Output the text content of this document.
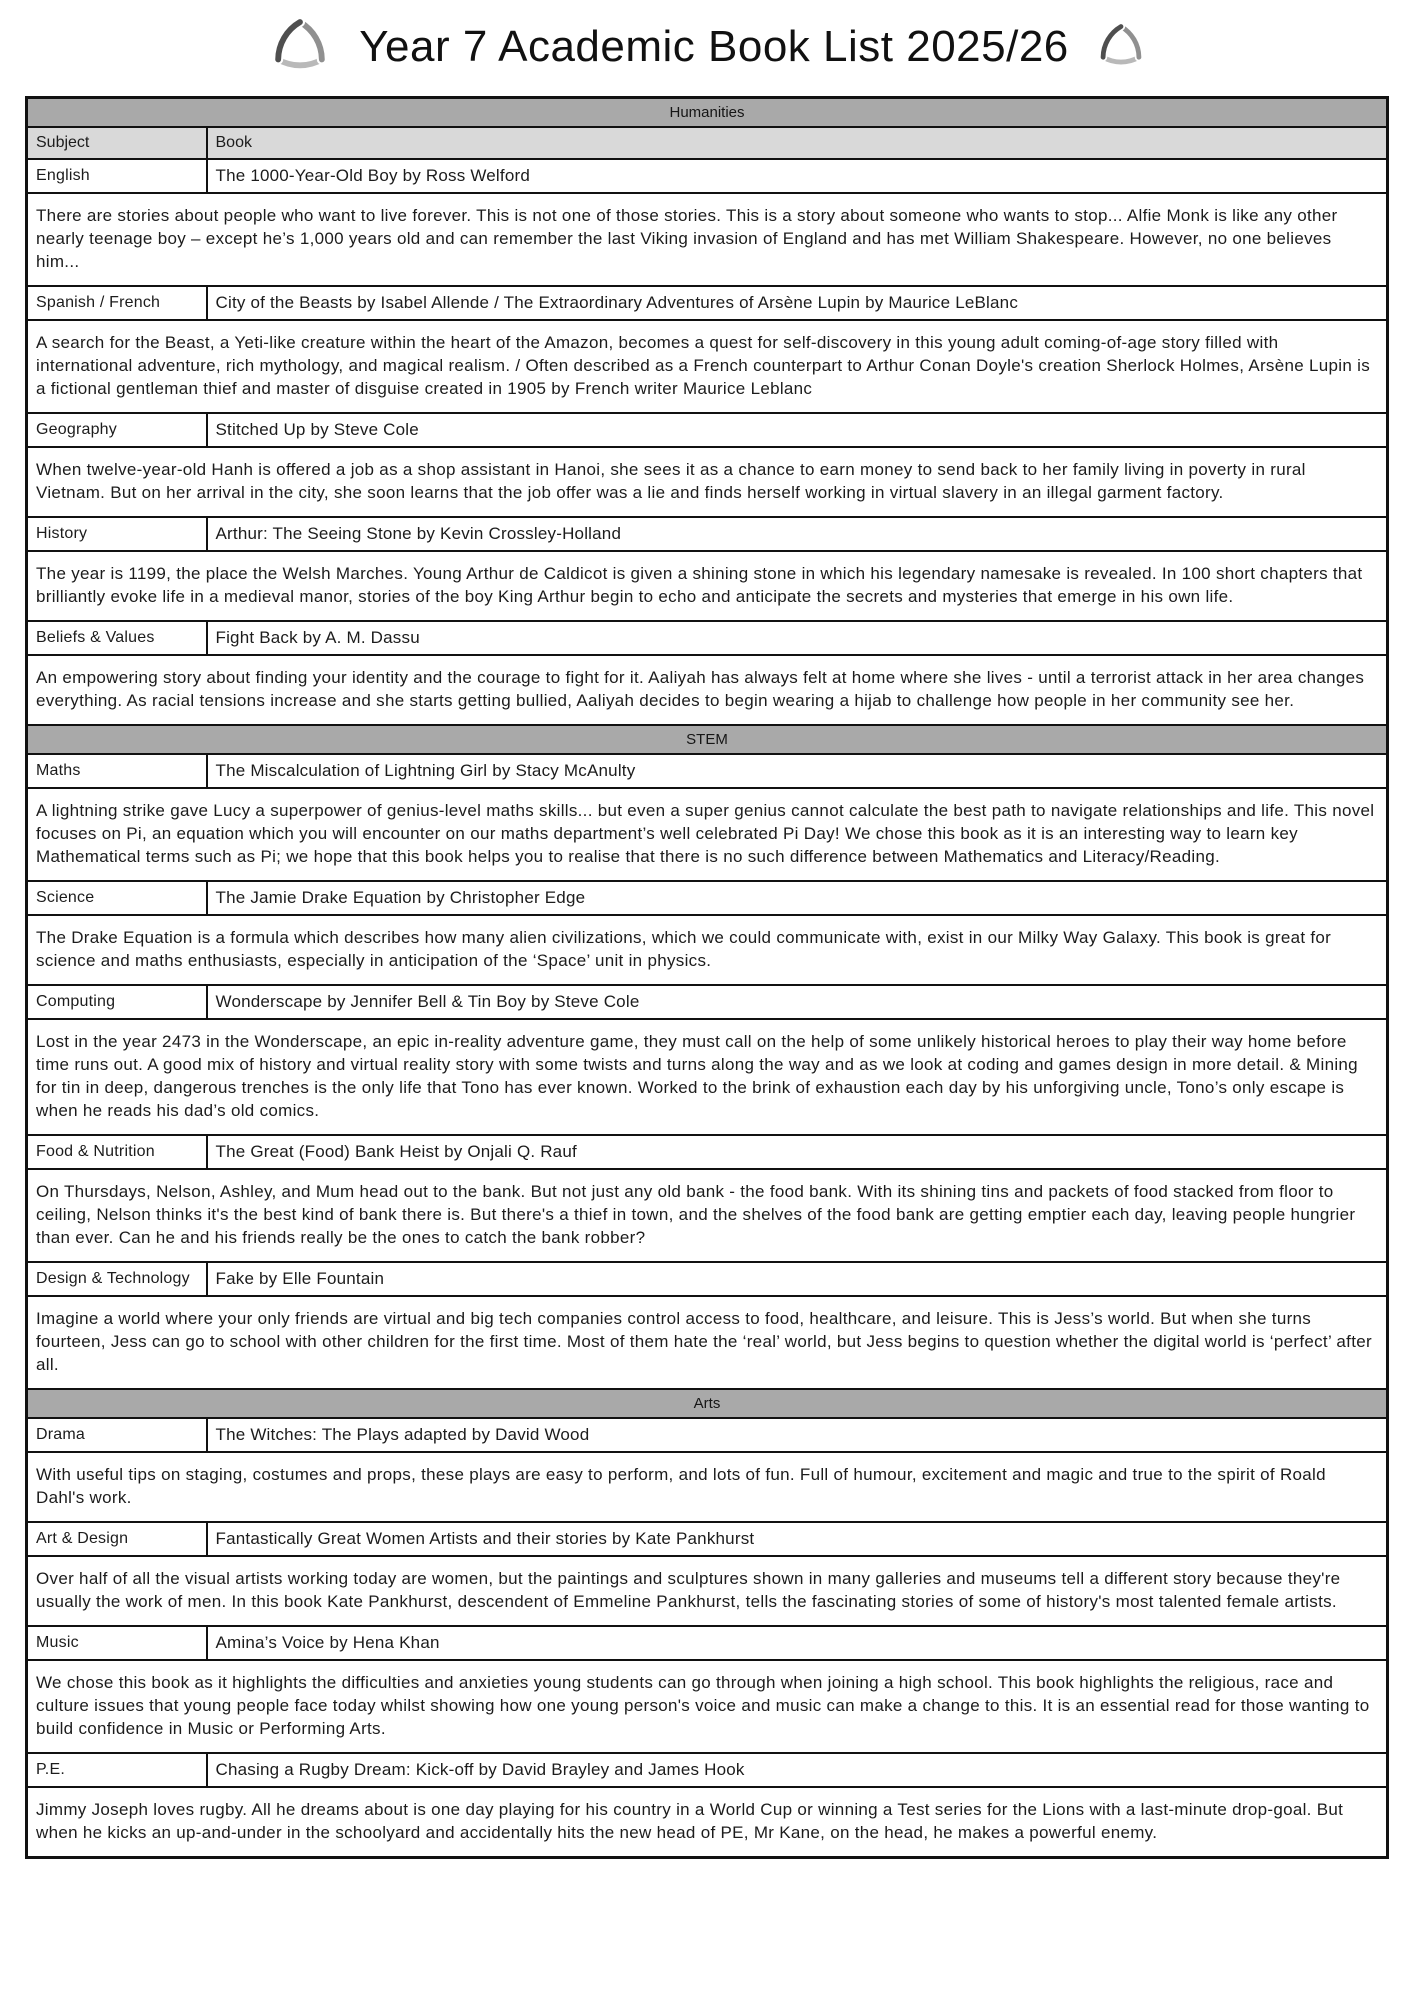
Year 7 Academic Book List 2025/26
Humanities	
Subject	Book
English	The 1000-Year-Old Boy by Ross Welford
There are stories about people who want to live forever. This is not one of those stories. This is a story about someone who wants to stop... Alfie Monk is like any other nearly teenage boy – except he’s 1,000 years old and can remember the last Viking invasion of England and has met William Shakespeare. However, no one believes him...	
Spanish / French	City of the Beasts by Isabel Allende / The Extraordinary Adventures of Arsène Lupin by Maurice LeBlanc
A search for the Beast, a Yeti-like creature within the heart of the Amazon, becomes a quest for self-discovery in this young adult coming-of-age story filled with international adventure, rich mythology, and magical realism. / Often described as a French counterpart to Arthur Conan Doyle's creation Sherlock Holmes, Arsène Lupin is a fictional gentleman thief and master of disguise created in 1905 by French writer Maurice Leblanc	
Geography	Stitched Up by Steve Cole
When twelve-year-old Hanh is offered a job as a shop assistant in Hanoi, she sees it as a chance to earn money to send back to her family living in poverty in rural Vietnam. But on her arrival in the city, she soon learns that the job offer was a lie and finds herself working in virtual slavery in an illegal garment factory.	
History	Arthur: The Seeing Stone by Kevin Crossley-Holland
The year is 1199, the place the Welsh Marches. Young Arthur de Caldicot is given a shining stone in which his legendary namesake is revealed. In 100 short chapters that brilliantly evoke life in a medieval manor, stories of the boy King Arthur begin to echo and anticipate the secrets and mysteries that emerge in his own life.	
Beliefs & Values	Fight Back by A. M. Dassu
An empowering story about finding your identity and the courage to fight for it. Aaliyah has always felt at home where she lives - until a terrorist attack in her area changes everything. As racial tensions increase and she starts getting bullied, Aaliyah decides to begin wearing a hijab to challenge how people in her community see her.	
STEM	
Maths	The Miscalculation of Lightning Girl by Stacy McAnulty
A lightning strike gave Lucy a superpower of genius-level maths skills... but even a super genius cannot calculate the best path to navigate relationships and life. This novel focuses on Pi, an equation which you will encounter on our maths department’s well celebrated Pi Day! We chose this book as it is an interesting way to learn key Mathematical terms such as Pi; we hope that this book helps you to realise that there is no such difference between Mathematics and Literacy/Reading.	
Science	The Jamie Drake Equation by Christopher Edge
The Drake Equation is a formula which describes how many alien civilizations, which we could communicate with, exist in our Milky Way Galaxy. This book is great for science and maths enthusiasts, especially in anticipation of the ‘Space’ unit in physics.	
Computing	Wonderscape by Jennifer Bell & Tin Boy by Steve Cole
Lost in the year 2473 in the Wonderscape, an epic in-reality adventure game, they must call on the help of some unlikely historical heroes to play their way home before time runs out. A good mix of history and virtual reality story with some twists and turns along the way and as we look at coding and games design in more detail. & Mining for tin in deep, dangerous trenches is the only life that Tono has ever known. Worked to the brink of exhaustion each day by his unforgiving uncle, Tono’s only escape is when he reads his dad’s old comics.	
Food & Nutrition	The Great (Food) Bank Heist by Onjali Q. Rauf
On Thursdays, Nelson, Ashley, and Mum head out to the bank. But not just any old bank - the food bank. With its shining tins and packets of food stacked from floor to ceiling, Nelson thinks it's the best kind of bank there is. But there's a thief in town, and the shelves of the food bank are getting emptier each day, leaving people hungrier than ever. Can he and his friends really be the ones to catch the bank robber?	
Design & Technology	Fake by Elle Fountain
Imagine a world where your only friends are virtual and big tech companies control access to food, healthcare, and leisure. This is Jess’s world. But when she turns fourteen, Jess can go to school with other children for the first time. Most of them hate the ‘real’ world, but Jess begins to question whether the digital world is ‘perfect’ after all.	
Arts	
Drama	The Witches: The Plays adapted by David Wood
With useful tips on staging, costumes and props, these plays are easy to perform, and lots of fun. Full of humour, excitement and magic and true to the spirit of Roald Dahl's work.	
Art & Design	Fantastically Great Women Artists and their stories by Kate Pankhurst
Over half of all the visual artists working today are women, but the paintings and sculptures shown in many galleries and museums tell a different story because they're usually the work of men. In this book Kate Pankhurst, descendent of Emmeline Pankhurst, tells the fascinating stories of some of history's most talented female artists.	
Music	Amina’s Voice by Hena Khan
We chose this book as it highlights the difficulties and anxieties young students can go through when joining a high school. This book highlights the religious, race and culture issues that young people face today whilst showing how one young person's voice and music can make a change to this. It is an essential read for those wanting to build confidence in Music or Performing Arts.	
P.E.	Chasing a Rugby Dream: Kick-off by David Brayley and James Hook
Jimmy Joseph loves rugby. All he dreams about is one day playing for his country in a World Cup or winning a Test series for the Lions with a last-minute drop-goal. But when he kicks an up-and-under in the schoolyard and accidentally hits the new head of PE, Mr Kane, on the head, he makes a powerful enemy.	
